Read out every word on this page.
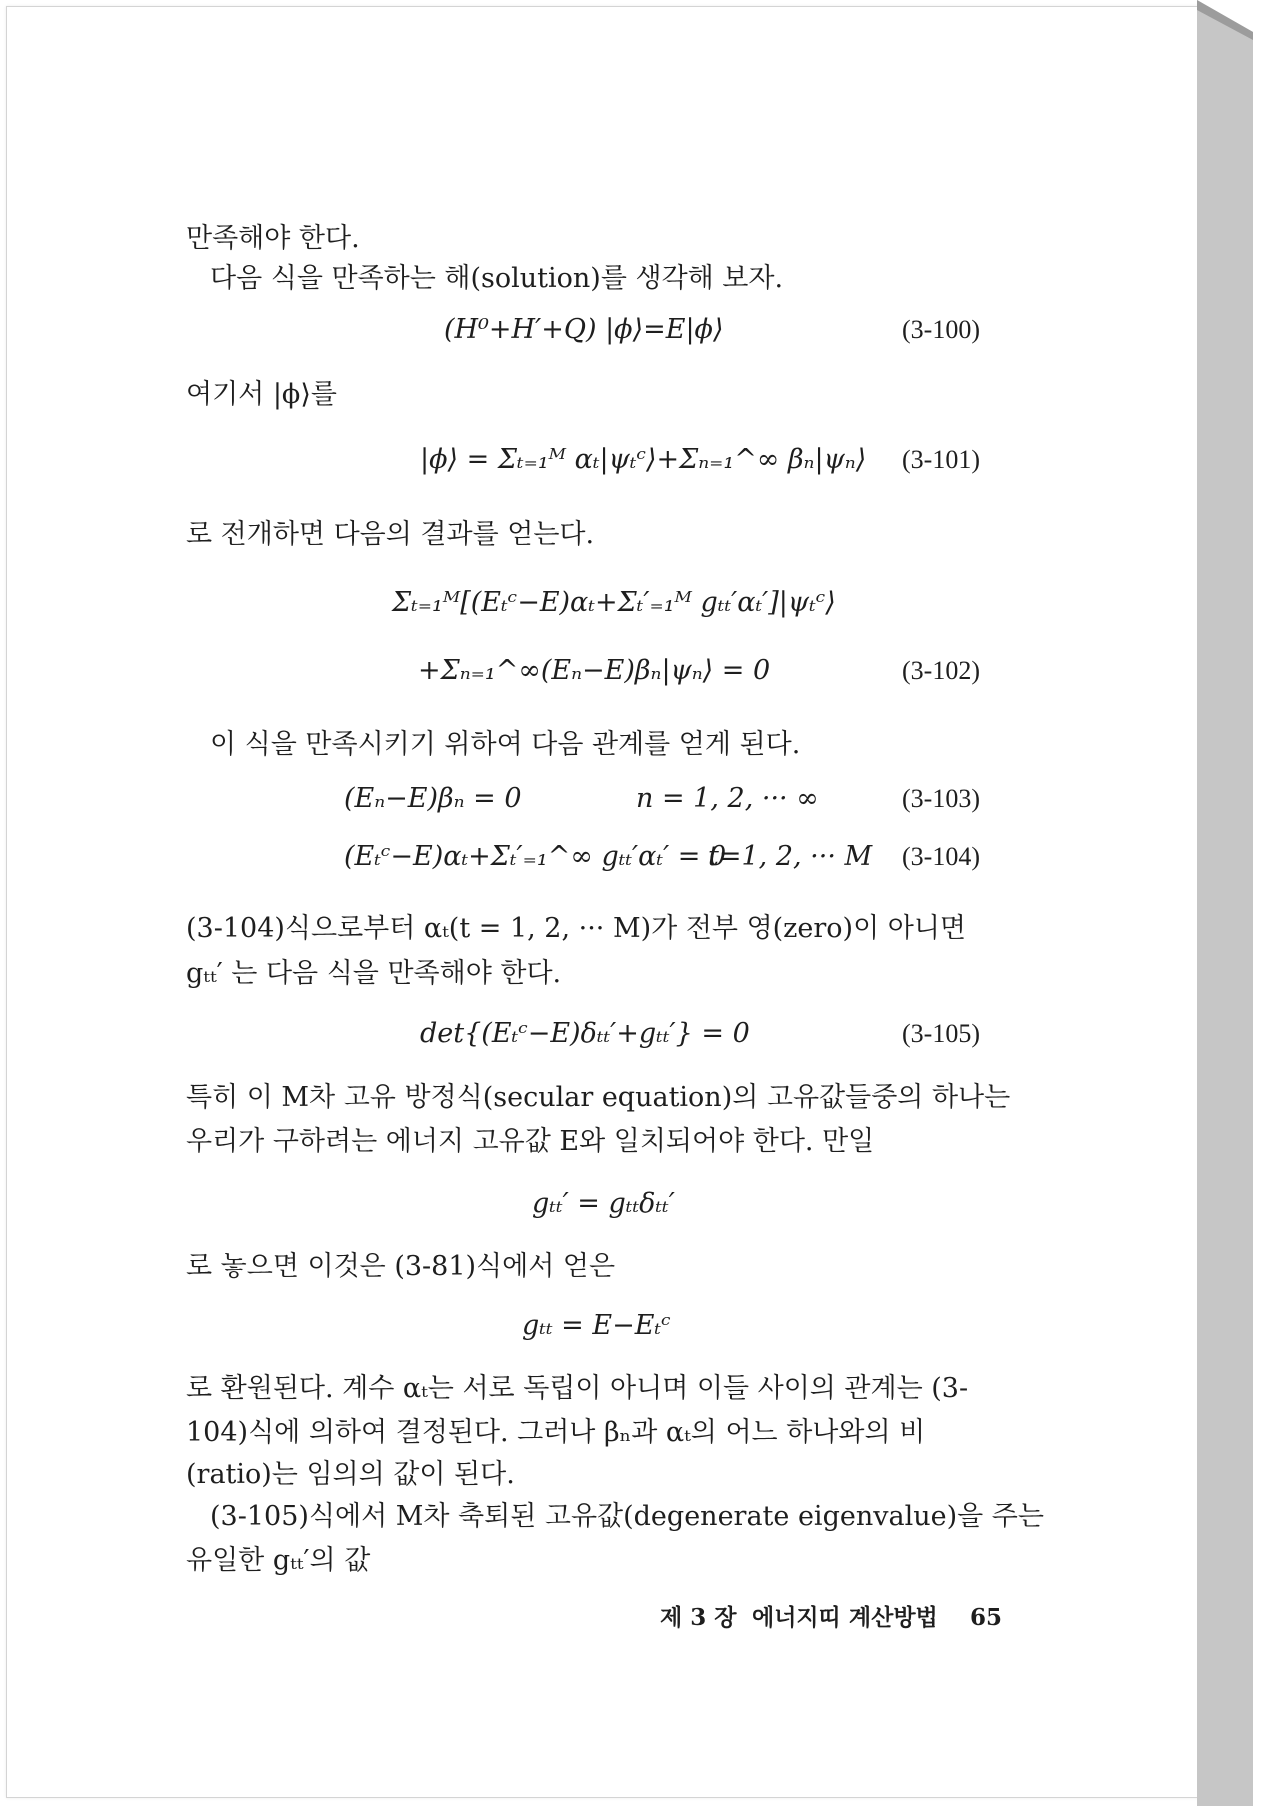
만족해야 한다.
다음 식을 만족하는 해(solution)를 생각해 보자.
(H⁰+H′+Q) |ϕ⟩=E|ϕ⟩	(3-100)
여기서 |ϕ⟩를
|ϕ⟩ = Σₜ₌₁ᴹ αₜ|ψₜᶜ⟩+Σₙ₌₁^∞ βₙ|ψₙ⟩ (3-101)
로 전개하면 다음의 결과를 얻는다.
Σₜ₌₁ᴹ[(Eₜᶜ−E)αₜ+Σₜ′₌₁ᴹ gₜₜ′αₜ′]|ψₜᶜ⟩
+Σₙ₌₁^∞(Eₙ−E)βₙ|ψₙ⟩ = 0	(3-102)
이 식을 만족시키기 위하여 다음 관계를 얻게 된다.
(Eₙ−E)βₙ = 0	n = 1, 2, ··· ∞	(3-103)
(Eₜᶜ−E)αₜ+Σₜ′₌₁^∞ gₜₜ′αₜ′ = 0
t=1, 2, ··· M (3-104)
(3-104)식으로부터 αₜ(t = 1, 2, ··· M)가 전부 영(zero)이 아니면
gₜₜ′ 는 다음 식을 만족해야 한다.
det{(Eₜᶜ−E)δₜₜ′+gₜₜ′} = 0	(3-105)
특히 이 M차 고유 방정식(secular equation)의 고유값들중의 하나는
우리가 구하려는 에너지 고유값 E와 일치되어야 한다. 만일
gₜₜ′ = gₜₜδₜₜ′
로 놓으면 이것은 (3-81)식에서 얻은
gₜₜ = E−Eₜᶜ
로 환원된다. 계수 αₜ는 서로 독립이 아니며 이들 사이의 관계는 (3-
104)식에 의하여 결정된다. 그러나 βₙ과 αₜ의 어느 하나와의 비
(ratio)는 임의의 값이 된다.
(3-105)식에서 M차 축퇴된 고유값(degenerate eigenvalue)을 주는
유일한 gₜₜ′의 값
제 3 장 에너지띠 계산방법 65
